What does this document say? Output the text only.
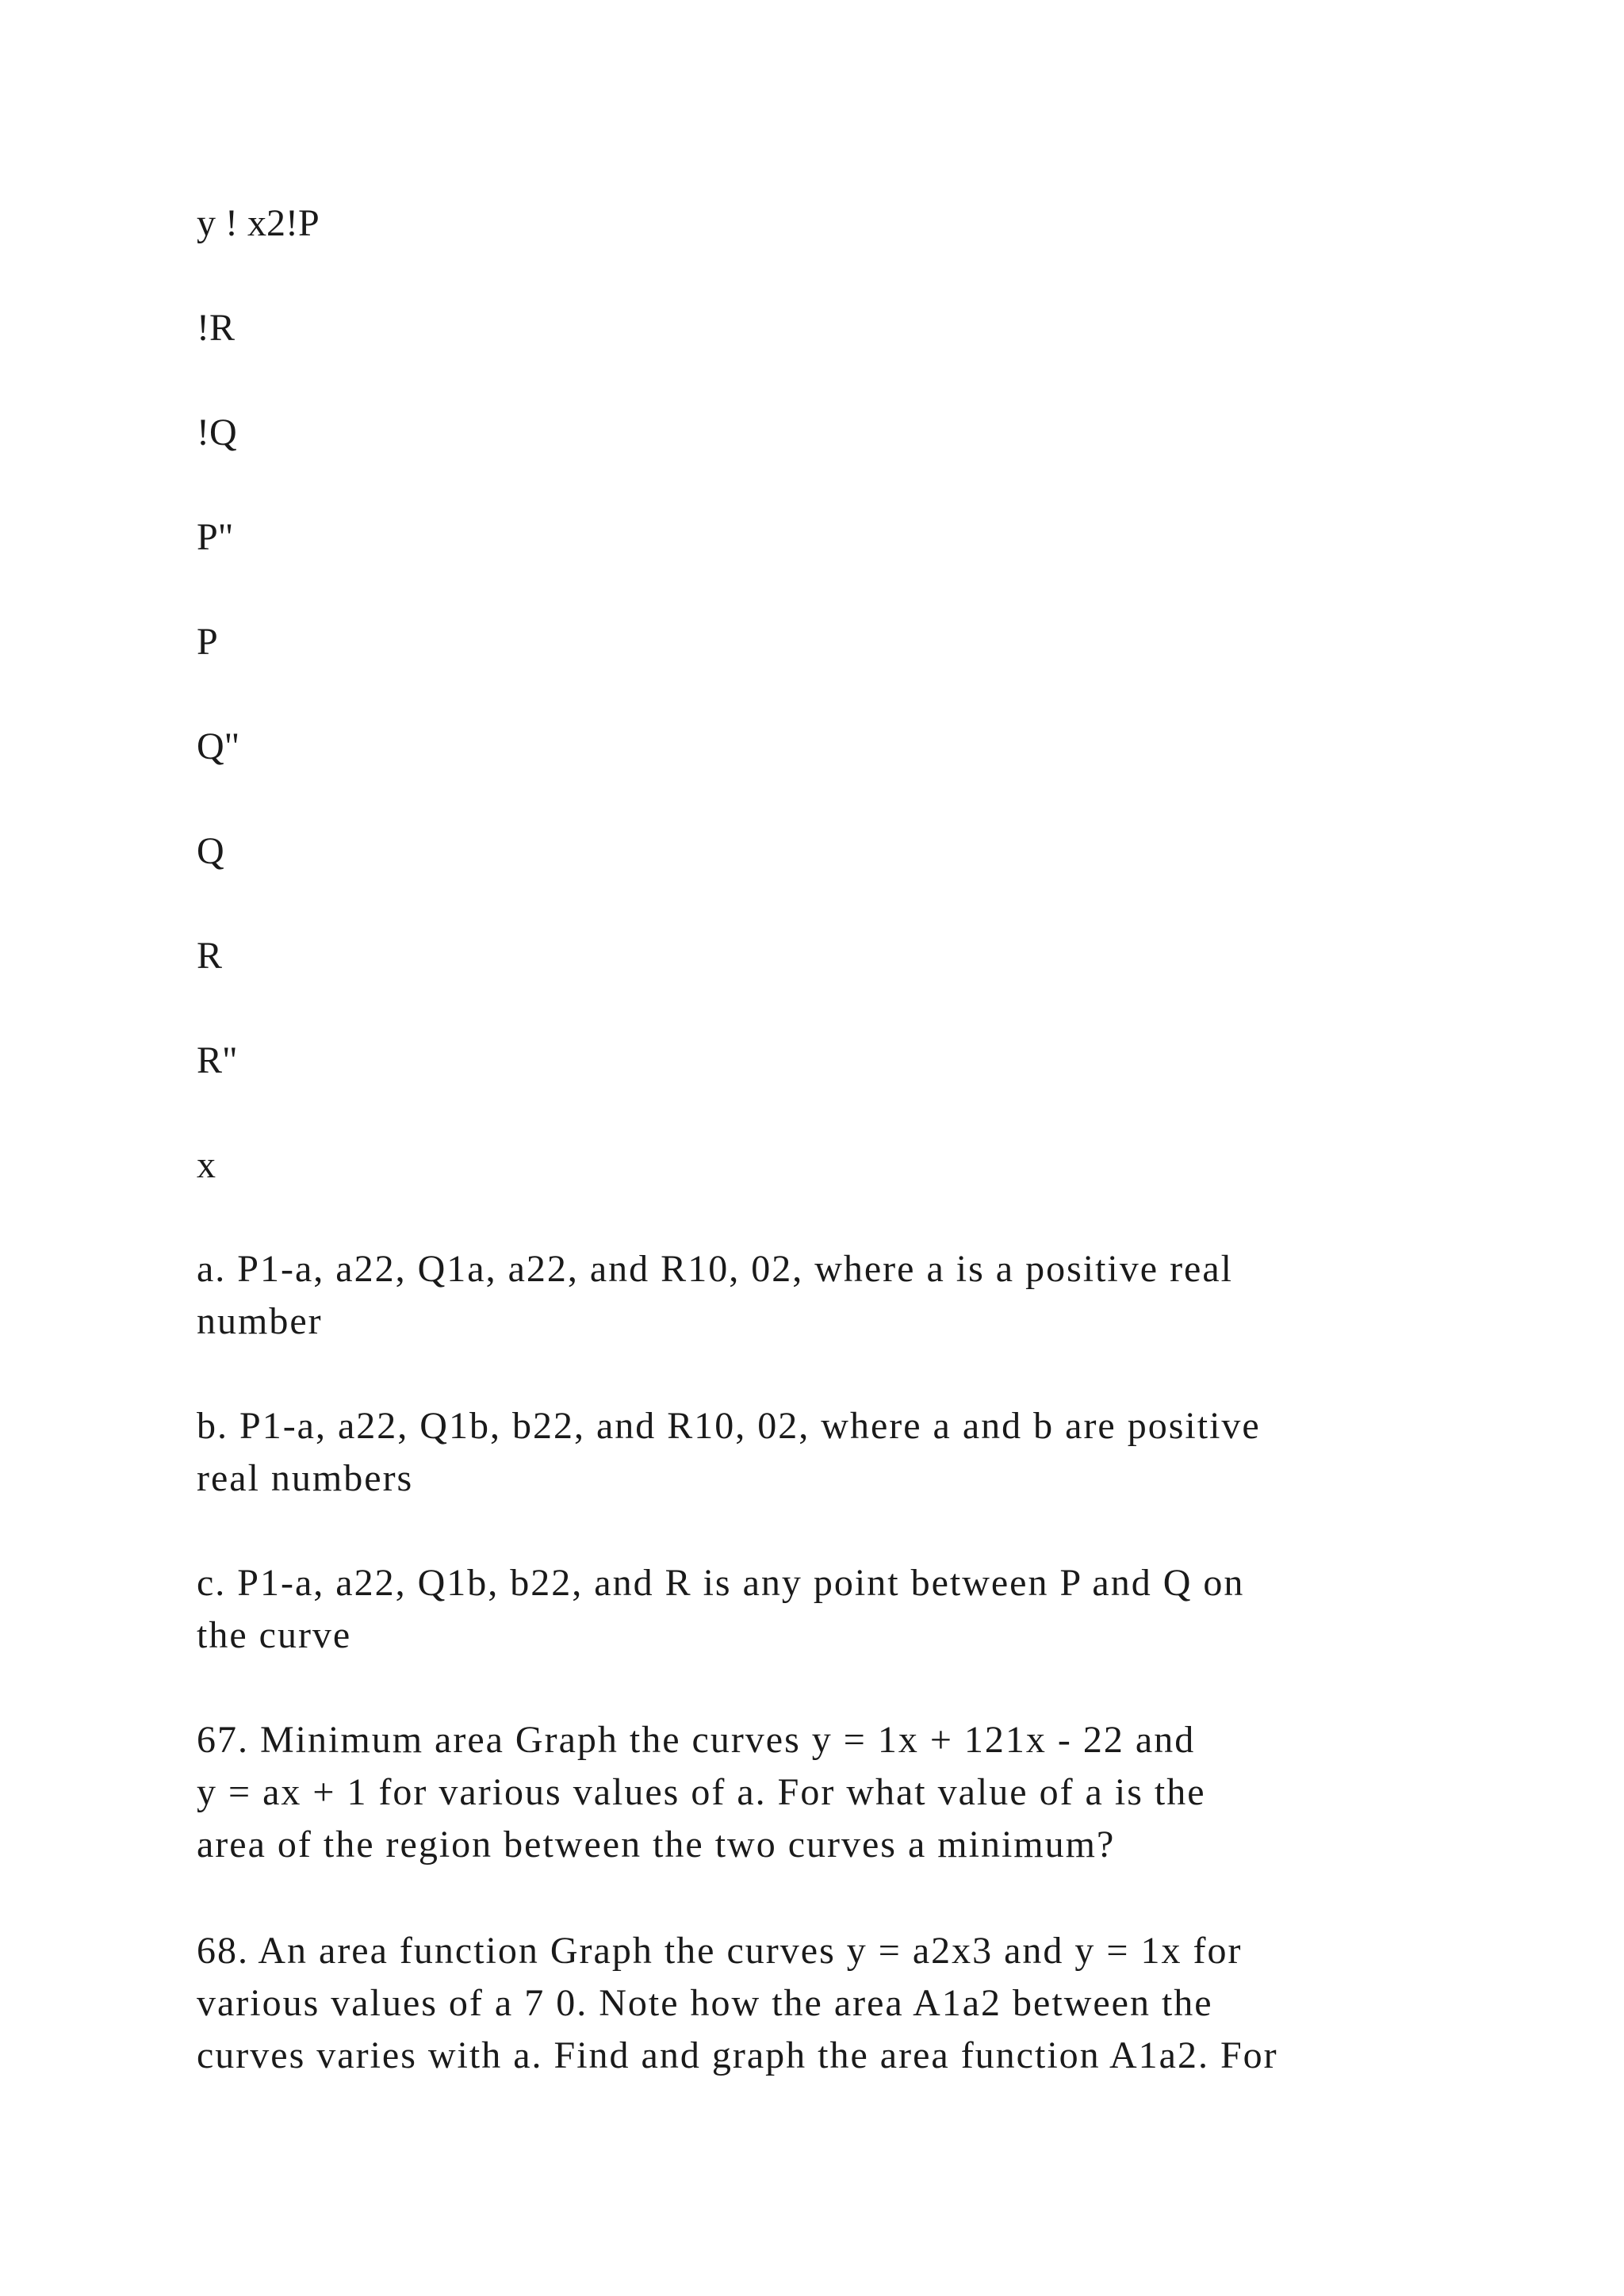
y ! x2!P
!R
!Q
P"
P
Q"
Q
R
R"
x
a. P1-a, a22, Q1a, a22, and R10, 02, where a is a positive real
number
b. P1-a, a22, Q1b, b22, and R10, 02, where a and b are positive
real numbers
c. P1-a, a22, Q1b, b22, and R is any point between P and Q on
the curve
67. Minimum area Graph the curves y = 1x + 121x - 22 and
y = ax + 1 for various values of a. For what value of a is the
area of the region between the two curves a minimum?
68. An area function Graph the curves y = a2x3 and y = 1x for
various values of a 7 0. Note how the area A1a2 between the
curves varies with a. Find and graph the area function A1a2. For
